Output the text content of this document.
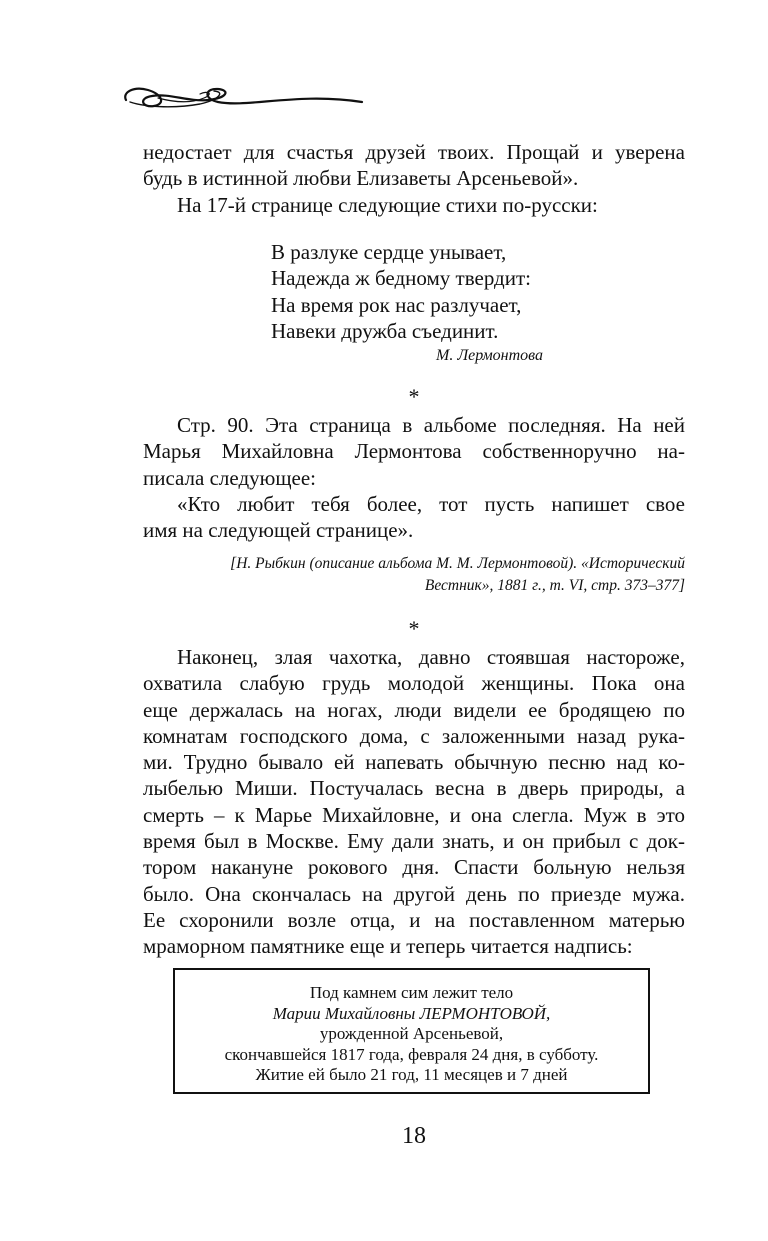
недостает для счастья друзей твоих. Прощай и уверена
будь в истинной любви Елизаветы Арсеньевой».
На 17-й странице следующие стихи по-русски:
В разлуке сердце унывает,
Надежда ж бедному твердит:
На время рок нас разлучает,
Навеки дружба съединит.
М. Лермонтова
*
Стр. 90. Эта страница в альбоме последняя. На ней
Марья Михайловна Лермонтова собственноручно на-
писала следующее:
«Кто любит тебя более, тот пусть напишет свое
имя на следующей странице».
[Н. Рыбкин (описание альбома М. М. Лермонтовой). «Исторический
Вестник», 1881 г., т. VI, стр. 373–377]
*
Наконец, злая чахотка, давно стоявшая настороже,
охватила слабую грудь молодой женщины. Пока она
еще держалась на ногах, люди видели ее бродящею по
комнатам господского дома, с заложенными назад рука-
ми. Трудно бывало ей напевать обычную песню над ко-
лыбелью Миши. Постучалась весна в дверь природы, а
смерть – к Марье Михайловне, и она слегла. Муж в это
время был в Москве. Ему дали знать, и он прибыл с док-
тором накануне рокового дня. Спасти больную нельзя
было. Она скончалась на другой день по приезде мужа.
Ее схоронили возле отца, и на поставленном матерью
мраморном памятнике еще и теперь читается надпись:
Под камнем сим лежит тело
Марии Михайловны ЛЕРМОНТОВОЙ,
урожденной Арсеньевой,
скончавшейся 1817 года, февраля 24 дня, в субботу.
Житие ей было 21 год, 11 месяцев и 7 дней
18
